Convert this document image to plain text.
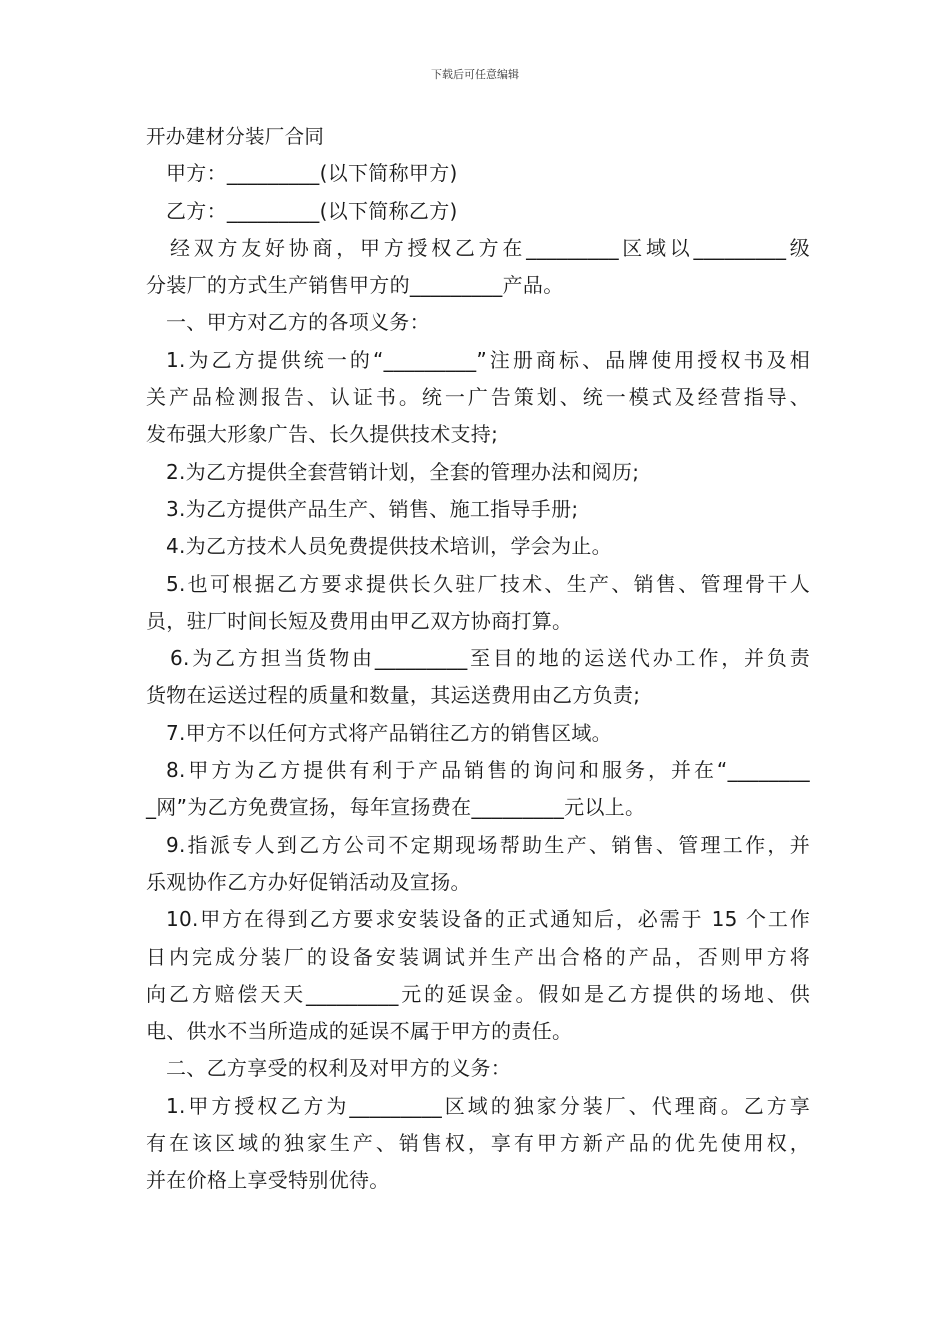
下载后可任意编辑
开办建材分装厂合同
甲方：_________(以下简称甲方)
乙方：_________(以下简称乙方)
经双方友好协商，甲方授权乙方在_________区域以_________级
分装厂的方式生产销售甲方的_________产品。
一、甲方对乙方的各项义务：
1.为乙方提供统一的“_________”注册商标、品牌使用授权书及相
关产品检测报告、认证书。统一广告策划、统一模式及经营指导、
发布强大形象广告、长久提供技术支持;
2.为乙方提供全套营销计划，全套的管理办法和阅历;
3.为乙方提供产品生产、销售、施工指导手册;
4.为乙方技术人员免费提供技术培训，学会为止。
5.也可根据乙方要求提供长久驻厂技术、生产、销售、管理骨干人
员，驻厂时间长短及费用由甲乙双方协商打算。
6.为乙方担当货物由_________至目的地的运送代办工作，并负责
货物在运送过程的质量和数量，其运送费用由乙方负责;
7.甲方不以任何方式将产品销往乙方的销售区域。
8.甲方为乙方提供有利于产品销售的询问和服务，并在“________
_网”为乙方免费宣扬，每年宣扬费在_________元以上。
9.指派专人到乙方公司不定期现场帮助生产、销售、管理工作，并
乐观协作乙方办好促销活动及宣扬。
10.甲方在得到乙方要求安装设备的正式通知后，必需于 15 个工作
日内完成分装厂的设备安装调试并生产出合格的产品，否则甲方将
向乙方赔偿天天_________元的延误金。假如是乙方提供的场地、供
电、供水不当所造成的延误不属于甲方的责任。
二、乙方享受的权利及对甲方的义务：
1.甲方授权乙方为_________区域的独家分装厂、代理商。乙方享
有在该区域的独家生产、销售权，享有甲方新产品的优先使用权，
并在价格上享受特别优待。
